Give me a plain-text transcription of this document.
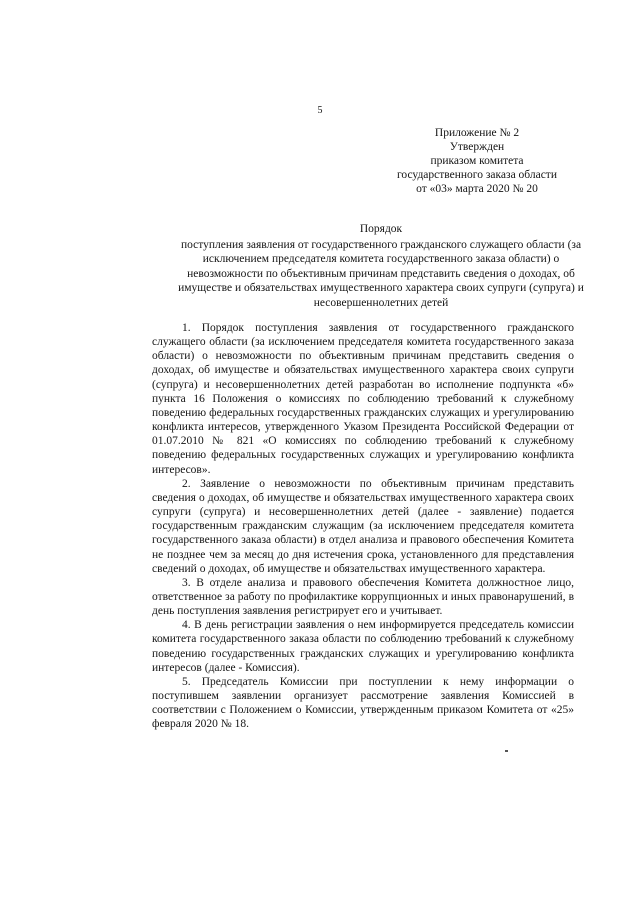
5
Приложение № 2
Утвержден
приказом комитета
государственного заказа области
от «03» марта 2020 № 20
Порядок
поступления заявления от государственного гражданского служащего области (за исключением председателя комитета государственного заказа области) о невозможности по объективным причинам представить сведения о доходах, об имуществе и обязательствах имущественного характера своих супруги (супруга) и несовершеннолетних детей

1. Порядок поступления заявления от государственного гражданского служащего области (за исключением председателя комитета государственного заказа области) о невозможности по объективным причинам представить сведения о доходах, об имуществе и обязательствах имущественного характера своих супруги (супруга) и несовершеннолетних детей разработан во исполнение подпункта «б» пункта 16 Положения о комиссиях по соблюдению требований к служебному поведению федеральных государственных гражданских служащих и урегулированию конфликта интересов, утвержденного Указом Президента Российской Федерации от 01.07.2010 № 821 «О комиссиях по соблюдению требований к служебному поведению федеральных государственных служащих и урегулированию конфликта интересов».

2. Заявление о невозможности по объективным причинам представить сведения о доходах, об имуществе и обязательствах имущественного характера своих супруги (супруга) и несовершеннолетних детей (далее - заявление) подается государственным гражданским служащим (за исключением председателя комитета государственного заказа области) в отдел анализа и правового обеспечения Комитета не позднее чем за месяц до дня истечения срока, установленного для представления сведений о доходах, об имуществе и обязательствах имущественного характера.

3. В отделе анализа и правового обеспечения Комитета должностное лицо, ответственное за работу по профилактике коррупционных и иных правонарушений, в день поступления заявления регистрирует его и учитывает.

4. В день регистрации заявления о нем информируется председатель комиссии комитета государственного заказа области по соблюдению требований к служебному поведению государственных гражданских служащих и урегулированию конфликта интересов (далее - Комиссия).

5. Председатель Комиссии при поступлении к нему информации о поступившем заявлении организует рассмотрение заявления Комиссией в соответствии с Положением о Комиссии, утвержденным приказом Комитета от «25» февраля 2020 № 18.
